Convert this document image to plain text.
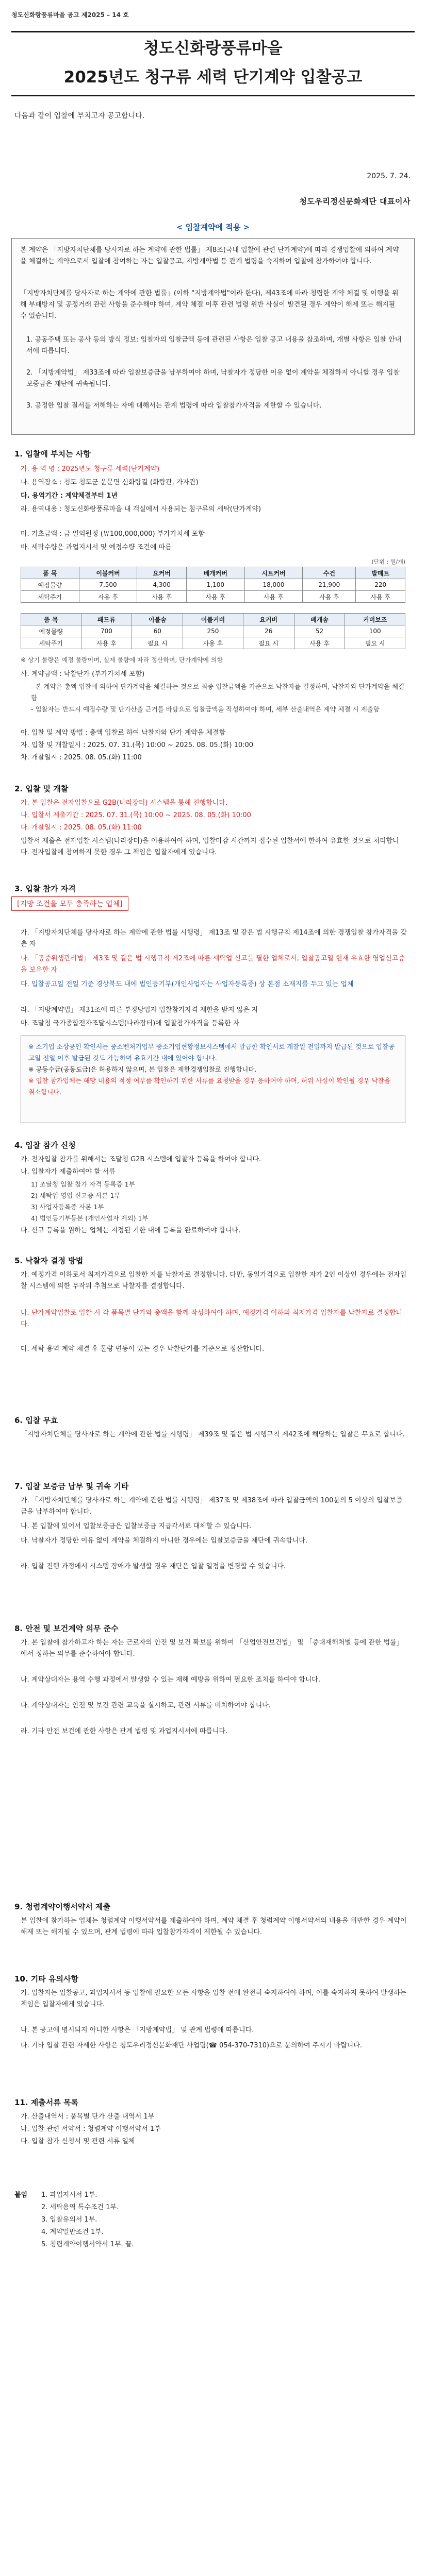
청도신화랑풍류마을 공고 제2025 – 14 호
청도신화랑풍류마을
2025년도 청구류 세력 단기계약 입찰공고
다음과 같이 입찰에 부치고자 공고합니다.
2025. 7. 24.
청도우리정신문화재단 대표이사
< 입찰계약에 적용 >
본 계약은 「지방자치단체를 당사자로 하는 계약에 관한 법률」 제8조(국내 입찰에 관련 단가계약)에 따라 경쟁입찰에 의하여 계약을 체결하는 계약으로서 입찰에 참여하는 자는 입찰공고, 지방계약법 등 관계 법령을 숙지하여 입찰에 참가하여야 합니다.
「지방자치단체를 당사자로 하는 계약에 관한 법률」(이하 "지방계약법"이라 한다), 제43조에 따라 청렴한 계약 체결 및 이행을 위해 부패방지 및 공정거래 관련 사항을 준수해야 하며, 계약 체결 이후 관련 법령 위반 사실이 발견될 경우 계약이 해제 또는 해지될 수 있습니다.
1. 공동주택 또는 공사 등의 방식 정보: 입찰자의 입찰금액 등에 관련된 사항은 입찰 공고 내용을 참조하며, 개별 사항은 입찰 안내서에 따릅니다.
2. 「지방계약법」 제33조에 따라 입찰보증금을 납부하여야 하며, 낙찰자가 정당한 이유 없이 계약을 체결하지 아니할 경우 입찰보증금은 재단에 귀속됩니다.
3. 공정한 입찰 질서를 저해하는 자에 대해서는 관계 법령에 따라 입찰참가자격을 제한할 수 있습니다.
1. 입찰에 부치는 사항
가. 용 역 명 : 2025년도 청구류 세력(단기계약)
나. 용역장소 : 청도 청도군 운문면 신화랑길 (화랑관, 가자관)
다. 용역기간 : 계약체결부터 1년
라. 용역내용 : 청도신화랑풍류마을 내 객실에서 사용되는 침구류의 세탁(단가계약)
마. 기초금액 : 금 일억원정 (￦100,000,000) 부가가치세 포함
바. 세탁수량은 과업지시서 및 예정수량 조건에 따름
(단위 : 원/개)
품 목	이불커버	요커버	베개커버	시트커버	수건	발매트
예정물량	7,500	4,300	1,100	18,000	21,900	220
세탁주기	사용 후	사용 후	사용 후	사용 후	사용 후	사용 후
품 목	패드류	이불솜	이불커버	요커버	베개솜	커버보조
예정물량	700	60	250	26	52	100
세탁주기	사용 후	필요 시	사용 후	필요 시	사용 후	필요 시
※ 상기 물량은 예정 물량이며, 실제 물량에 따라 정산하며, 단가계약에 의함
사. 계약금액 : 낙찰단가 (부가가치세 포함)
- 본 계약은 총액 입찰에 의하여 단가계약을 체결하는 것으로 최종 입찰금액을 기준으로 낙찰자를 결정하며, 낙찰자와 단가계약을 체결함
- 입찰자는 반드시 예정수량 및 단가산출 근거를 바탕으로 입찰금액을 작성하여야 하며, 세부 산출내역은 계약 체결 시 제출함
아. 입찰 및 계약 방법 : 총액 입찰로 하여 낙찰자와 단가 계약을 체결함
자. 입찰 및 개찰일시 : 2025. 07. 31.(목) 10:00 ~ 2025. 08. 05.(화) 10:00
차. 개찰일시 : 2025. 08. 05.(화) 11:00
2. 입찰 및 개찰
가. 본 입찰은 전자입찰으로 G2B(나라장터) 시스템을 통해 진행합니다.
나. 입찰서 제출기간 : 2025. 07. 31.(목) 10:00 ~ 2025. 08. 05.(화) 10:00
다. 개찰일시 : 2025. 08. 05.(화) 11:00
입찰서 제출은 전자입찰 시스템(나라장터)을 이용하여야 하며, 입찰마감 시간까지 접수된 입찰서에 한하여 유효한 것으로 처리합니다. 전자입찰에 참여하지 못한 경우 그 책임은 입찰자에게 있습니다.
3. 입찰 참가 자격
[지방 조건을 모두 충족하는 업체]
가. 「지방자치단체를 당사자로 하는 계약에 관한 법률 시행령」 제13조 및 같은 법 시행규칙 제14조에 의한 경쟁입찰 참가자격을 갖춘 자
나. 「공중위생관리법」 제3조 및 같은 법 시행규칙 제2조에 따른 세탁업 신고를 필한 업체로서, 입찰공고일 현재 유효한 영업신고증을 보유한 자
다. 입찰공고일 전일 기준 경상북도 내에 법인등기부(개인사업자는 사업자등록증) 상 본점 소재지를 두고 있는 업체
라. 「지방계약법」 제31조에 따른 부정당업자 입찰참가자격 제한을 받지 않은 자
마. 조달청 국가종합전자조달시스템(나라장터)에 입찰참가자격을 등록한 자
※ 소기업 소상공인 확인서는 중소벤처기업부 중소기업현황정보시스템에서 발급한 확인서로 개찰일 전일까지 발급된 것으로 입찰공고일 전일 이후 발급된 것도 가능하며 유효기간 내에 있어야 합니다.
※ 공동수급(공동도급)은 허용하지 않으며, 본 입찰은 제한경쟁입찰로 진행합니다.
※ 입찰 참가업체는 해당 내용의 적정 여부를 확인하기 위한 서류를 요청받을 경우 응하여야 하며, 허위 사실이 확인될 경우 낙찰을 취소합니다.
4. 입찰 참가 신청
가. 전자입찰 참가를 위해서는 조달청 G2B 시스템에 입찰자 등록을 하여야 합니다.
나. 입찰자가 제출하여야 할 서류
1) 조달청 입찰 참가 자격 등록증 1부
2) 세탁업 영업 신고증 사본 1부
3) 사업자등록증 사본 1부
4) 법인등기부등본 (개인사업자 제외) 1부
다. 신규 등록을 원하는 업체는 지정된 기한 내에 등록을 완료하여야 합니다.
5. 낙찰자 결정 방법
가. 예정가격 이하로서 최저가격으로 입찰한 자를 낙찰자로 결정합니다. 다만, 동일가격으로 입찰한 자가 2인 이상인 경우에는 전자입찰 시스템에 의한 무작위 추첨으로 낙찰자를 결정합니다.
나. 단가계약입찰로 입찰 시 각 품목별 단가와 총액을 함께 작성하여야 하며, 예정가격 이하의 최저가격 입찰자를 낙찰자로 결정합니다.
다. 세탁 용역 계약 체결 후 물량 변동이 있는 경우 낙찰단가를 기준으로 정산합니다.
6. 입찰 무효
「지방자치단체를 당사자로 하는 계약에 관한 법률 시행령」 제39조 및 같은 법 시행규칙 제42조에 해당하는 입찰은 무효로 합니다.
7. 입찰 보증금 납부 및 귀속 기타
가. 「지방자치단체를 당사자로 하는 계약에 관한 법률 시행령」 제37조 및 제38조에 따라 입찰금액의 100분의 5 이상의 입찰보증금을 납부하여야 합니다.
나. 본 입찰에 있어서 입찰보증금은 입찰보증금 지급각서로 대체할 수 있습니다.
다. 낙찰자가 정당한 이유 없이 계약을 체결하지 아니한 경우에는 입찰보증금을 재단에 귀속합니다.
라. 입찰 진행 과정에서 시스템 장애가 발생할 경우 재단은 입찰 일정을 변경할 수 있습니다.
8. 안전 및 보건계약 의무 준수
가. 본 입찰에 참가하고자 하는 자는 근로자의 안전 및 보건 확보를 위하여 「산업안전보건법」 및 「중대재해처벌 등에 관한 법률」에서 정하는 의무를 준수하여야 합니다.
나. 계약상대자는 용역 수행 과정에서 발생할 수 있는 재해 예방을 위하여 필요한 조치를 하여야 합니다.
다. 계약상대자는 안전 및 보건 관련 교육을 실시하고, 관련 서류를 비치하여야 합니다.
라. 기타 안전 보건에 관한 사항은 관계 법령 및 과업지시서에 따릅니다.
9. 청렴계약이행서약서 제출
본 입찰에 참가하는 업체는 청렴계약 이행서약서를 제출하여야 하며, 계약 체결 후 청렴계약 이행서약서의 내용을 위반한 경우 계약이 해제 또는 해지될 수 있으며, 관계 법령에 따라 입찰참가자격이 제한될 수 있습니다.
10. 기타 유의사항
가. 입찰자는 입찰공고, 과업지시서 등 입찰에 필요한 모든 사항을 입찰 전에 완전히 숙지하여야 하며, 이를 숙지하지 못하여 발생하는 책임은 입찰자에게 있습니다.
나. 본 공고에 명시되지 아니한 사항은 「지방계약법」 및 관계 법령에 따릅니다.
다. 기타 입찰 관련 자세한 사항은 청도우리정신문화재단 사업팀(☎ 054-370-7310)으로 문의하여 주시기 바랍니다.
11. 제출서류 목록
가. 산출내역서 : 품목별 단가 산출 내역서 1부
나. 입찰 관련 서약서 : 청렴계약 이행서약서 1부
다. 입찰 참가 신청서 및 관련 서류 일체
붙임	1. 과업지시서 1부.
2. 세탁용역 특수조건 1부.
3. 입찰유의서 1부.
4. 계약일반조건 1부.
5. 청렴계약이행서약서 1부. 끝.
